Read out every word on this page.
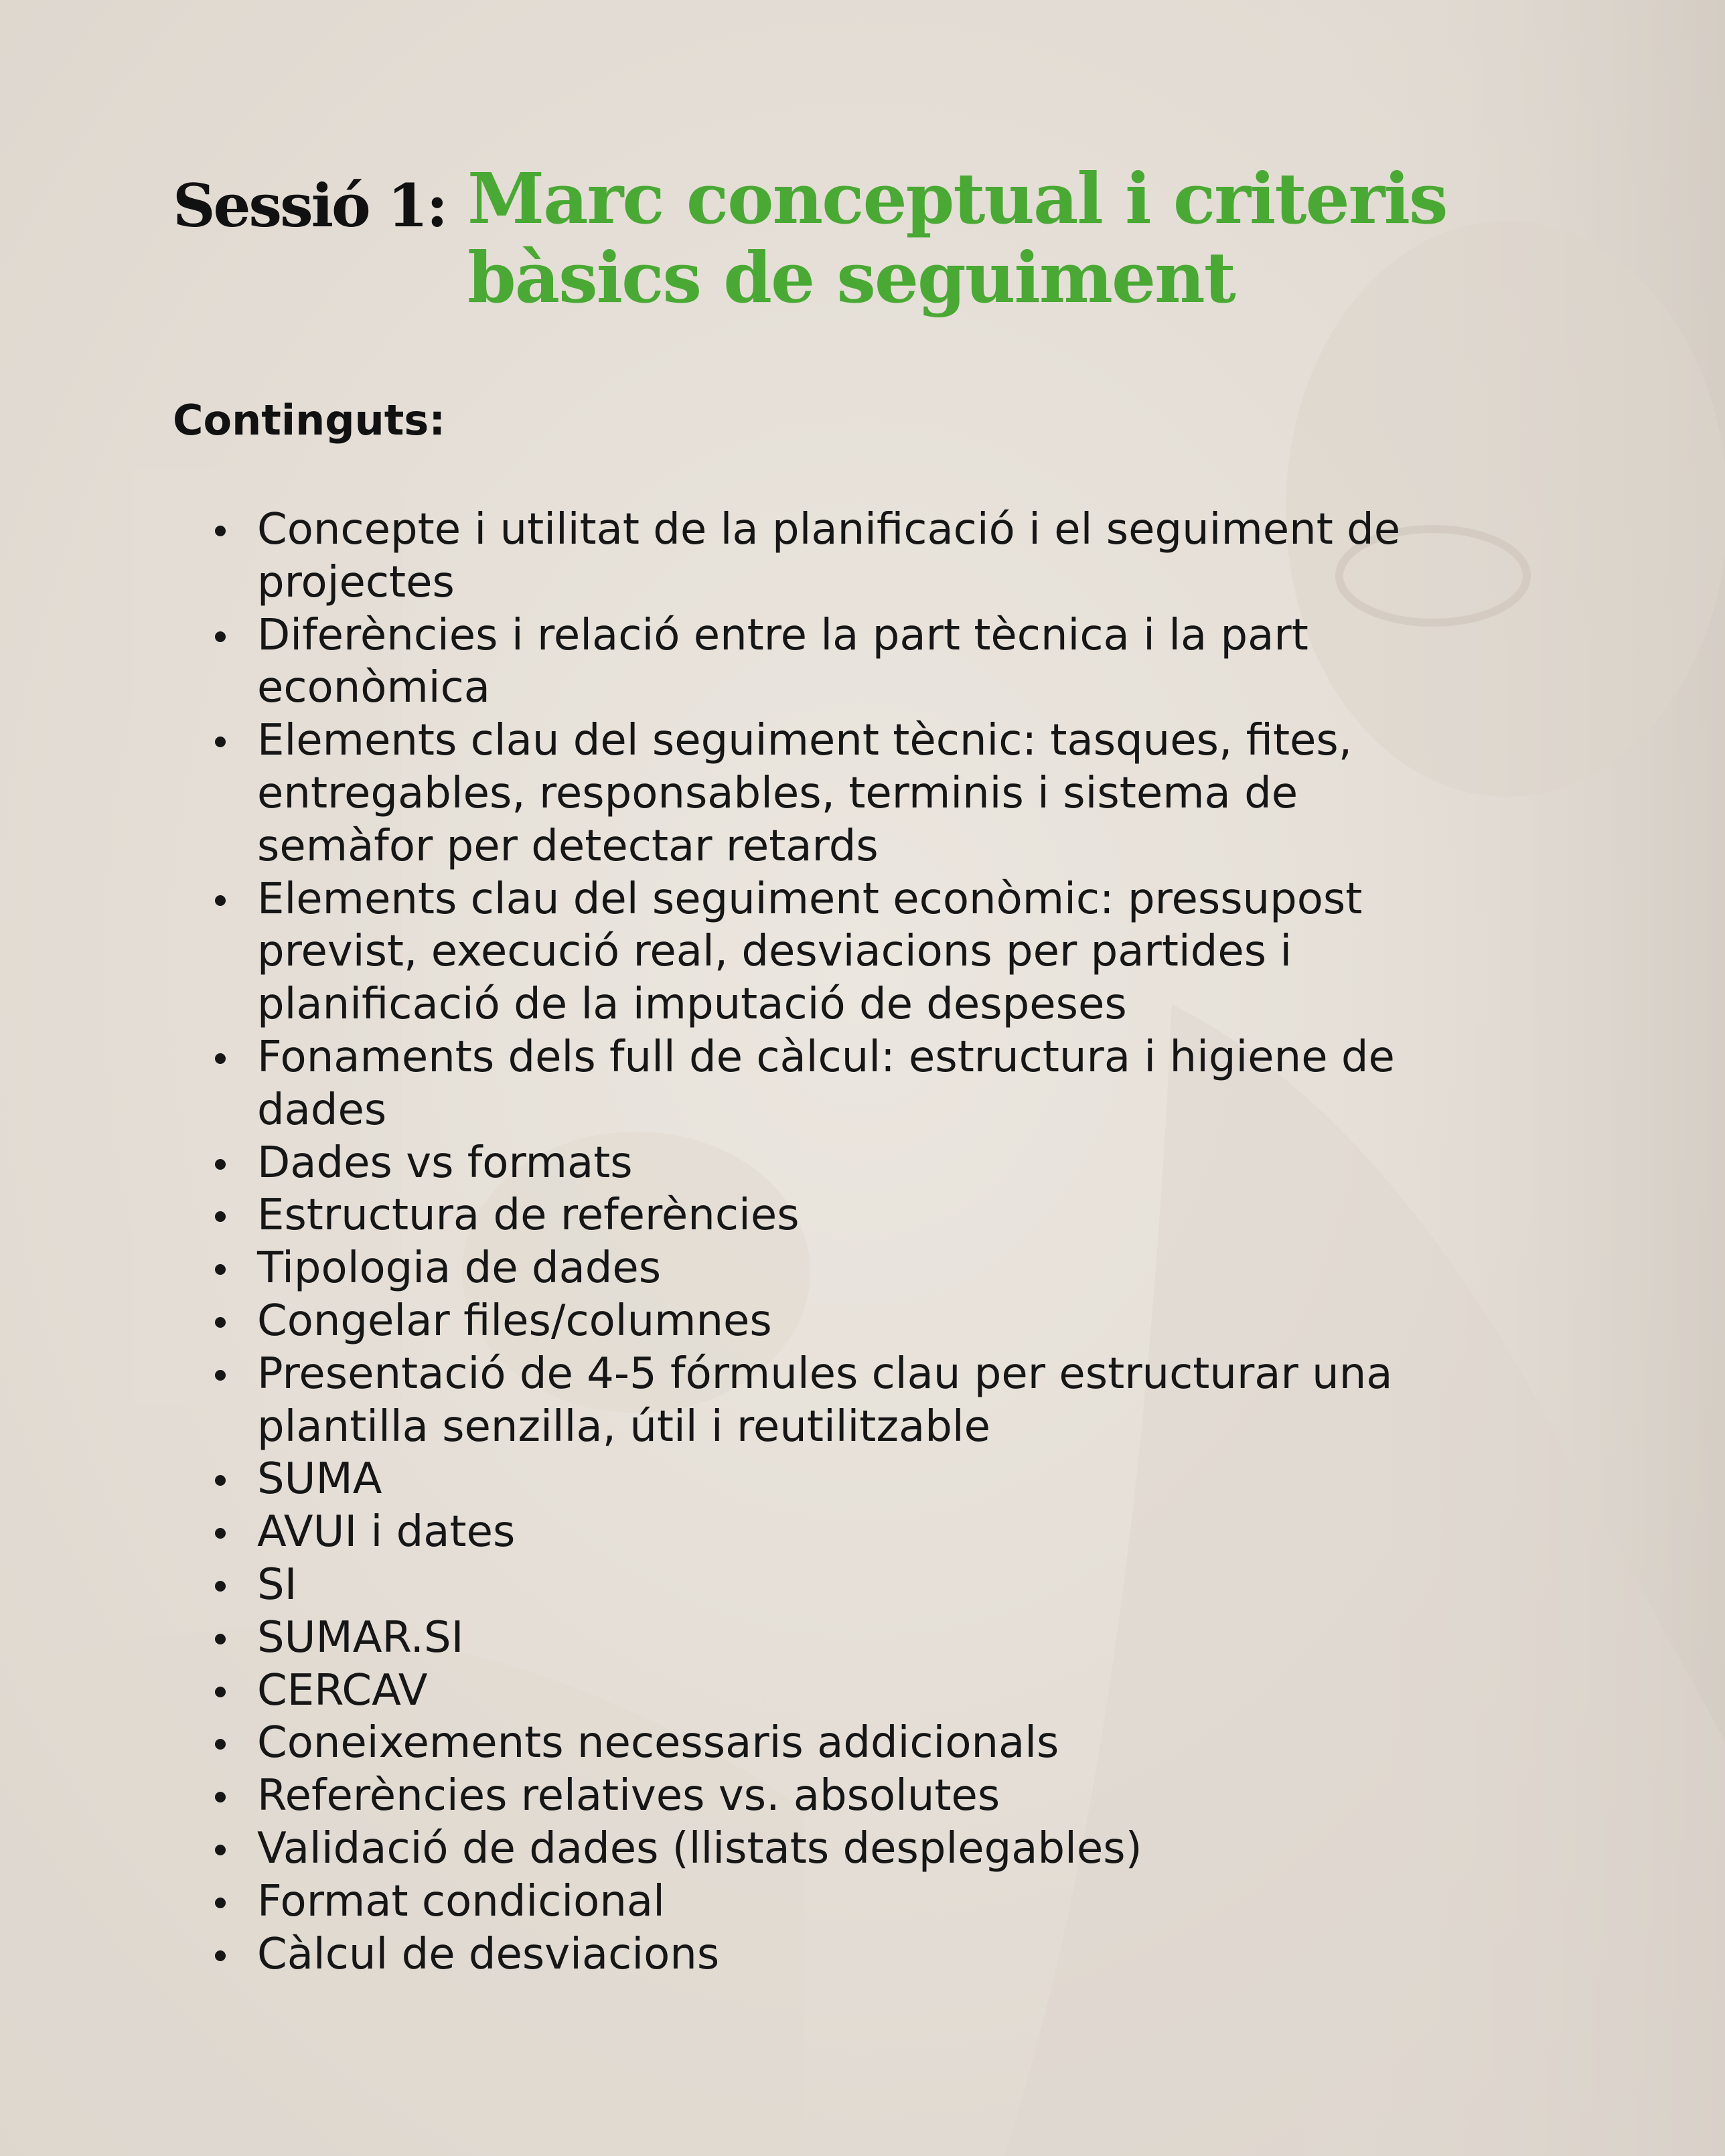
Sessió 1: Marc conceptual i criteris
bàsics de seguiment
Continguts:
Concepte i utilitat de la planificació i el seguiment de
projectes
Diferències i relació entre la part tècnica i la part
econòmica
Elements clau del seguiment tècnic: tasques, fites,
entregables, responsables, terminis i sistema de
semàfor per detectar retards
Elements clau del seguiment econòmic: pressupost
previst, execució real, desviacions per partides i
planificació de la imputació de despeses
Fonaments dels full de càlcul: estructura i higiene de
dades
Dades vs formats
Estructura de referències
Tipologia de dades
Congelar files/columnes
Presentació de 4-5 fórmules clau per estructurar una
plantilla senzilla, útil i reutilitzable
SUMA
AVUI i dates
SI
SUMAR.SI
CERCAV
Coneixements necessaris addicionals
Referències relatives vs. absolutes
Validació de dades (llistats desplegables)
Format condicional
Càlcul de desviacions
